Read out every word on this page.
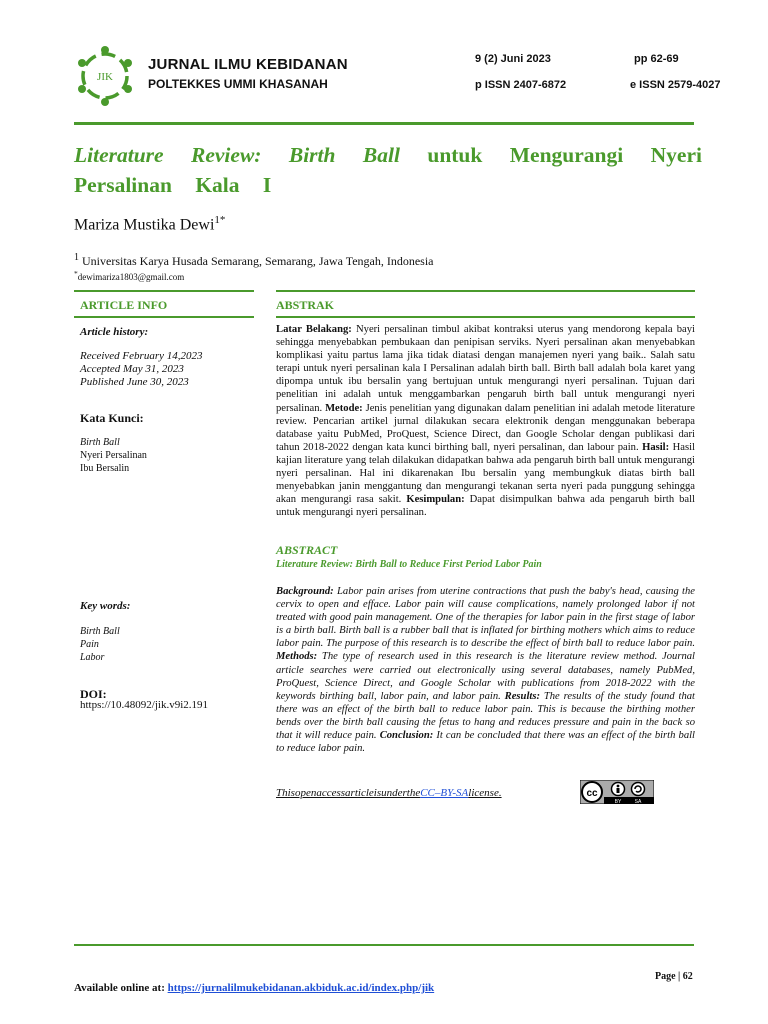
JIK
JURNAL ILMU KEBIDANAN
POLTEKKES UMMI KHASANAH
9 (2) Juni 2023	pp 62-69
p ISSN 2407-6872	e ISSN 2579-4027
Literature Review: Birth Ball untuk Mengurangi Nyeri Persalinan Kala I
Mariza Mustika Dewi$^{1*}$
$^1$ Universitas Karya Husada Semarang, Semarang, Jawa Tengah, Indonesia
*dewimariza1803@gmail.com
ARTICLE INFO
Article history:
Received February 14,2023
Accepted May 31, 2023
Published June 30, 2023
Kata Kunci:
Birth Ball
Nyeri Persalinan
Ibu Bersalin
Key words:
Birth Ball
Pain
Labor
DOI:
https://10.48092/jik.v9i2.191
ABSTRAK
Latar Belakang: Nyeri persalinan timbul akibat kontraksi uterus yang mendorong kepala bayi sehingga menyebabkan pembukaan dan penipisan serviks. Nyeri persalinan akan menyebabkan komplikasi yaitu partus lama jika tidak diatasi dengan manajemen nyeri yang baik.. Salah satu terapi untuk nyeri persalinan kala I Persalinan adalah birth ball. Birth ball adalah bola karet yang dipompa untuk ibu bersalin yang bertujuan untuk mengurangi nyeri persalinan. Tujuan dari penelitian ini adalah untuk menggambarkan pengaruh birth ball untuk mengurangi nyeri persalinan. Metode: Jenis penelitian yang digunakan dalam penelitian ini adalah metode literature review. Pencarian artikel jurnal dilakukan secara elektronik dengan menggunakan beberapa database yaitu PubMed, ProQuest, Science Direct, dan Google Scholar dengan publikasi dari tahun 2018-2022 dengan kata kunci birthing ball, nyeri persalinan, dan labour pain. Hasil: Hasil kajian literature yang telah dilakukan didapatkan bahwa ada pengaruh birth ball untuk mengurangi nyeri persalinan. Hal ini dikarenakan Ibu bersalin yang membungkuk diatas birth ball menyebabkan janin menggantung dan mengurangi tekanan serta nyeri pada punggung sehingga akan mengurangi rasa sakit. Kesimpulan: Dapat disimpulkan bahwa ada pengaruh birth ball untuk mengurangi nyeri persalinan.
ABSTRACT
Literature Review: Birth Ball to Reduce First Period Labor Pain
Background: Labor pain arises from uterine contractions that push the baby's head, causing the cervix to open and efface. Labor pain will cause complications, namely prolonged labor if not treated with good pain management. One of the therapies for labor pain in the first stage of labor is a birth ball. Birth ball is a rubber ball that is inflated for birthing mothers which aims to reduce labor pain. The purpose of this research is to describe the effect of birth ball to reduce labor pain. Methods: The type of research used in this research is the literature review method. Journal article searches were carried out electronically using several databases, namely PubMed, ProQuest, Science Direct, and Google Scholar with publications from 2018-2022 with the keywords birthing ball, labor pain, and labor pain. Results: The results of the study found that there was an effect of the birth ball to reduce labor pain. This is because the birthing mother bends over the birth ball causing the fetus to hang and reduces pressure and pain in the back so that it will reduce pain. Conclusion: It can be concluded that there was an effect of the birth ball to reduce labor pain.
ThisopenaccessarticleisundertheCC–BY-SAlicense.	cc
BY	SA
Page | 62
Available online at: https://jurnalilmukebidanan.akbiduk.ac.id/index.php/jik
